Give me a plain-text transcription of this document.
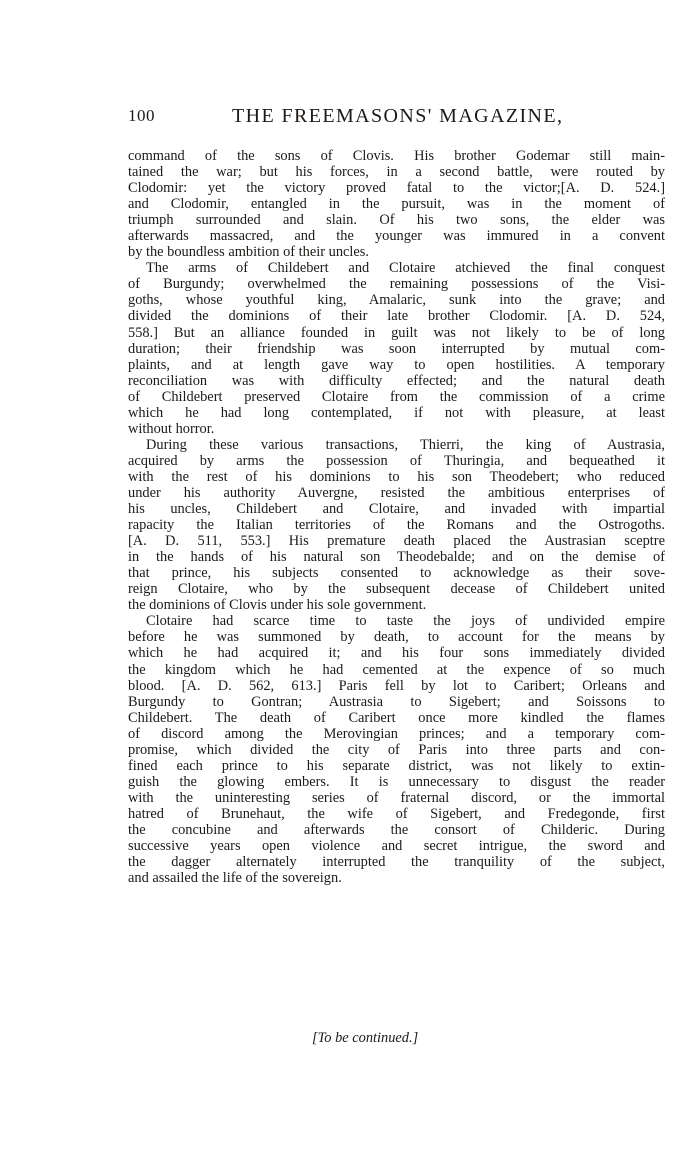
100	THE FREEMASONS' MAGAZINE,
command of the sons of Clovis. His brother Godemar still main-
tained the war; but his forces, in a second battle, were routed by
Clodomir: yet the victory proved fatal to the victor;[A. D. 524.]
and Clodomir, entangled in the pursuit, was in the moment of
triumph surrounded and slain. Of his two sons, the elder was
afterwards massacred, and the younger was immured in a convent
by the boundless ambition of their uncles.
The arms of Childebert and Clotaire atchieved the final conquest
of Burgundy; overwhelmed the remaining possessions of the Visi-
goths, whose youthful king, Amalaric, sunk into the grave; and
divided the dominions of their late brother Clodomir. [A. D. 524,
558.] But an alliance founded in guilt was not likely to be of long
duration; their friendship was soon interrupted by mutual com-
plaints, and at length gave way to open hostilities. A temporary
reconciliation was with difficulty effected; and the natural death
of Childebert preserved Clotaire from the commission of a crime
which he had long contemplated, if not with pleasure, at least
without horror.
During these various transactions, Thierri, the king of Austrasia,
acquired by arms the possession of Thuringia, and bequeathed it
with the rest of his dominions to his son Theodebert; who reduced
under his authority Auvergne, resisted the ambitious enterprises of
his uncles, Childebert and Clotaire, and invaded with impartial
rapacity the Italian territories of the Romans and the Ostrogoths.
[A. D. 511, 553.] His premature death placed the Austrasian sceptre
in the hands of his natural son Theodebalde; and on the demise of
that prince, his subjects consented to acknowledge as their sove-
reign Clotaire, who by the subsequent decease of Childebert united
the dominions of Clovis under his sole government.
Clotaire had scarce time to taste the joys of undivided empire
before he was summoned by death, to account for the means by
which he had acquired it; and his four sons immediately divided
the kingdom which he had cemented at the expence of so much
blood. [A. D. 562, 613.] Paris fell by lot to Caribert; Orleans and
Burgundy to Gontran; Austrasia to Sigebert; and Soissons to
Childebert. The death of Caribert once more kindled the flames
of discord among the Merovingian princes; and a temporary com-
promise, which divided the city of Paris into three parts and con-
fined each prince to his separate district, was not likely to extin-
guish the glowing embers. It is unnecessary to disgust the reader
with the uninteresting series of fraternal discord, or the immortal
hatred of Brunehaut, the wife of Sigebert, and Fredegonde, first
the concubine and afterwards the consort of Childeric. During
successive years open violence and secret intrigue, the sword and
the dagger alternately interrupted the tranquility of the subject,
and assailed the life of the sovereign.
[To be continued.]
